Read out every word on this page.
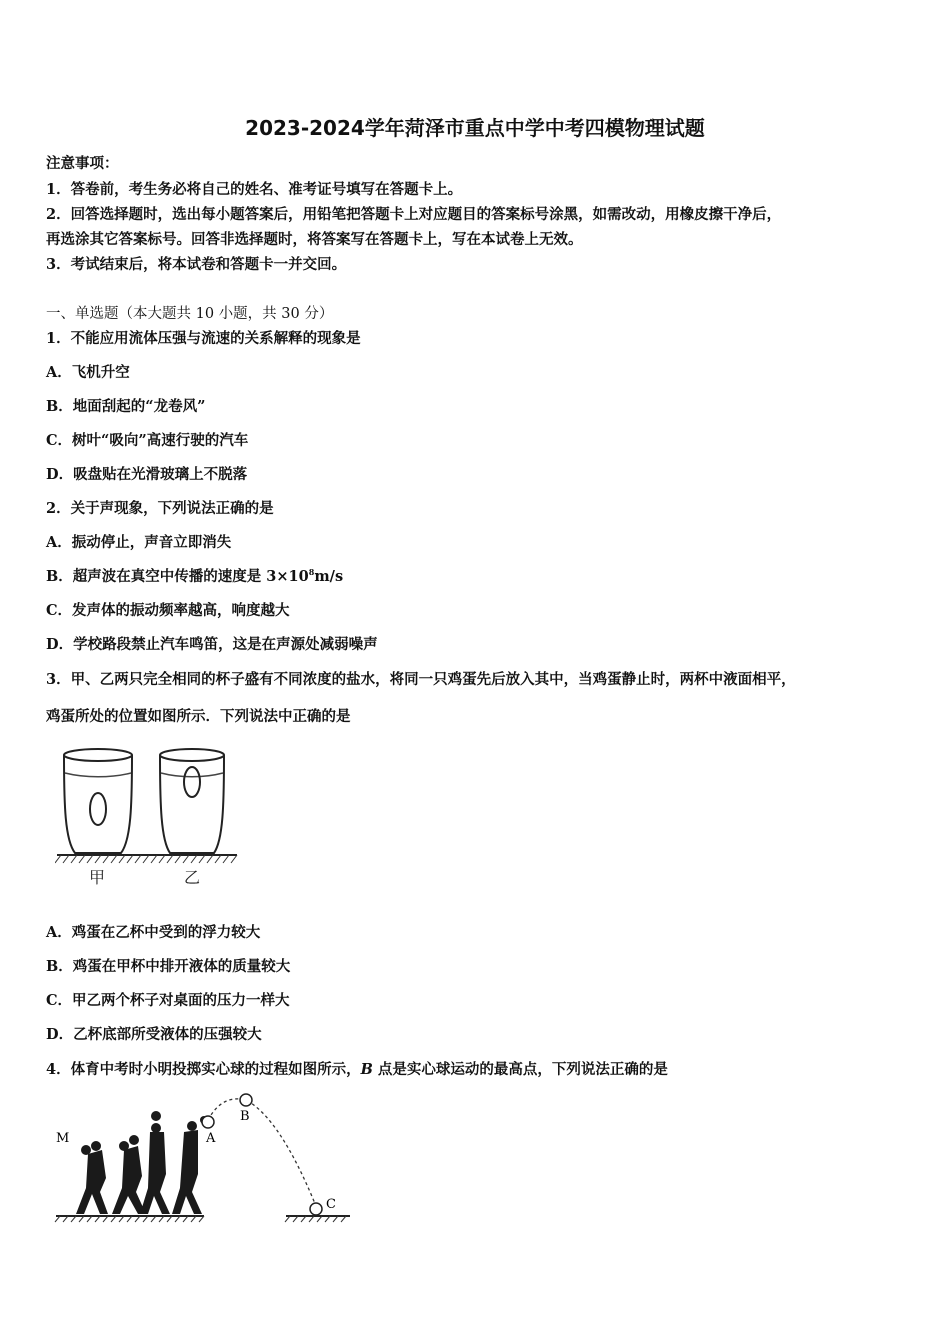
2023-2024学年菏泽市重点中学中考四模物理试题
注意事项：
1．答卷前，考生务必将自己的姓名、准考证号填写在答题卡上。
2．回答选择题时，选出每小题答案后，用铅笔把答题卡上对应题目的答案标号涂黑，如需改动，用橡皮擦干净后，
再选涂其它答案标号。回答非选择题时，将答案写在答题卡上，写在本试卷上无效。
3．考试结束后，将本试卷和答题卡一并交回。
一、单选题（本大题共 10 小题，共 30 分）
1．不能应用流体压强与流速的关系解释的现象是
A．飞机升空
B．地面刮起的“龙卷风”
C．树叶“吸向”高速行驶的汽车
D．吸盘贴在光滑玻璃上不脱落
2．关于声现象，下列说法正确的是
A．振动停止，声音立即消失
B．超声波在真空中传播的速度是 $3\times 10^8m/s$
C．发声体的振动频率越高，响度越大
D．学校路段禁止汽车鸣笛，这是在声源处减弱噪声
3．甲、乙两只完全相同的杯子盛有不同浓度的盐水，将同一只鸡蛋先后放入其中，当鸡蛋静止时，两杯中液面相平，
鸡蛋所处的位置如图所示．下列说法中正确的是
甲	乙
A．鸡蛋在乙杯中受到的浮力较大
B．鸡蛋在甲杯中排开液体的质量较大
C．甲乙两个杯子对桌面的压力一样大
D．乙杯底部所受液体的压强较大
4．体育中考时小明投掷实心球的过程如图所示，B 点是实心球运动的最高点，下列说法正确的是
M	A
B
C
